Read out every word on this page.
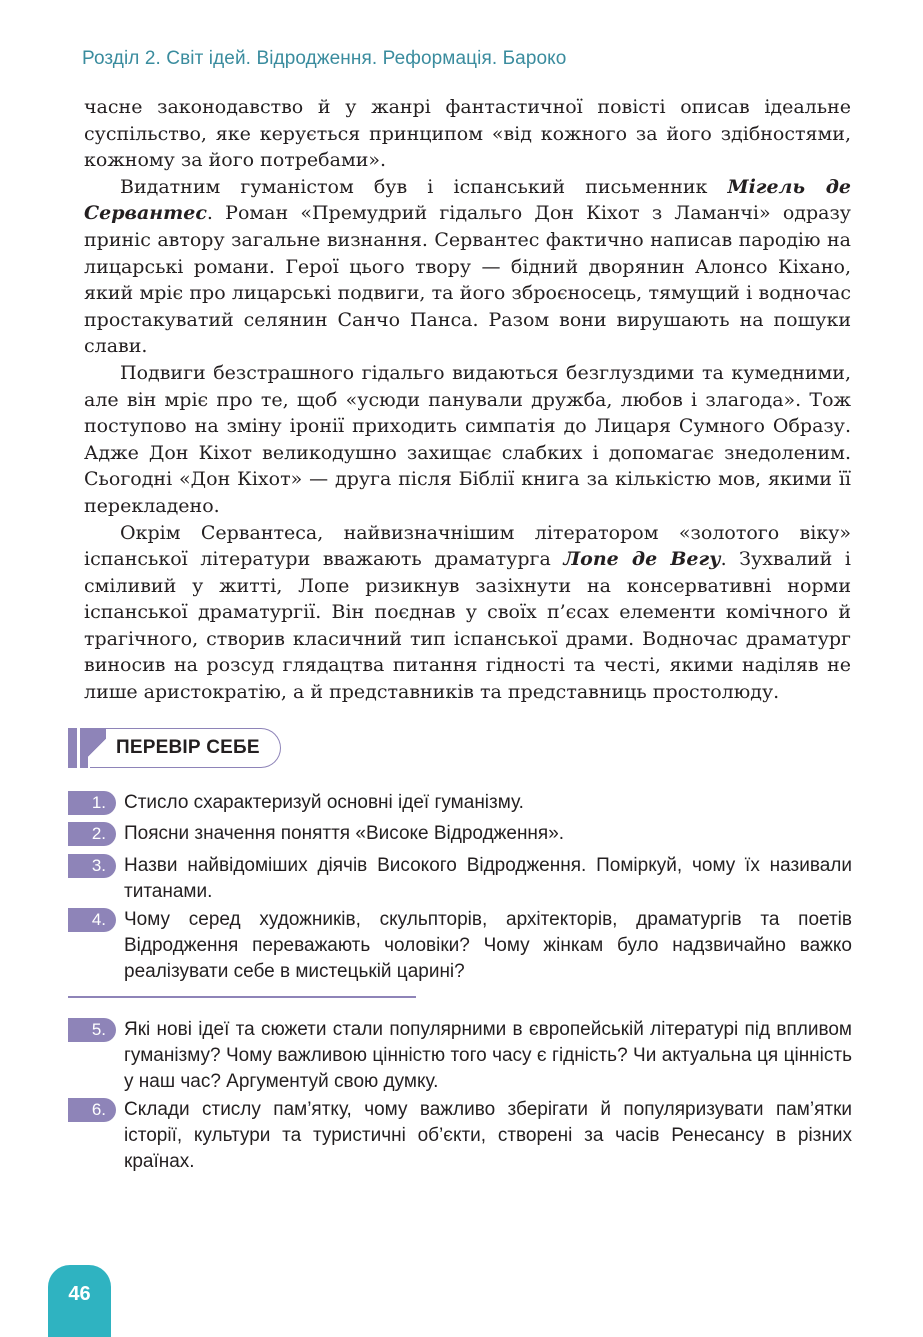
Розділ 2. Світ ідей. Відродження. Реформація. Бароко

часне законодавство й у жанрі фантастичної повісті описав ідеальне суспільство, яке керується принципом «від кожного за його здібностями, кожному за його потребами».

Видатним гуманістом був і іспанський письменник Мігель де Сервантес. Роман «Премудрий гідальго Дон Кіхот з Ламанчі» одразу приніс автору загальне визнання. Сервантес фактично написав пародію на лицарські романи. Герої цього твору — бідний дворянин Алонсо Кіхано, який мріє про лицарські подвиги, та його зброєносець, тямущий і водночас простакуватий селянин Санчо Панса. Разом вони вирушають на пошуки слави.

Подвиги безстрашного гідальго видаються безглуздими та кумедними, але він мріє про те, щоб «усюди панували дружба, любов і злагода». Тож поступово на зміну іронії приходить симпатія до Лицаря Сумного Образу. Адже Дон Кіхот великодушно захищає слабких і допомагає знедоленим. Сьогодні «Дон Кіхот» — друга після Біблії книга за кількістю мов, якими її перекладено.

Окрім Сервантеса, найвизначнішим літератором «золотого віку» іспанської літератури вважають драматурга Лопе де Вегу. Зухвалий і сміливий у житті, Лопе ризикнув зазіхнути на консервативні норми іспанської драматургії. Він поєднав у своїх п’єсах елементи комічного й трагічного, створив класичний тип іспанської драми. Водночас драматург виносив на розсуд глядацтва питання гідності та честі, якими наділяв не лише аристократію, а й представників та представниць простолюду.

ПЕРЕВІР СЕБЕ
1. Стисло схарактеризуй основні ідеї гуманізму.
2. Поясни значення поняття «Високе Відродження».
3. Назви найвідоміших діячів Високого Відродження. Поміркуй, чому їх називали титанами.
4. Чому серед художників, скульпторів, архітекторів, драматургів та поетів Відродження переважають чоловіки? Чому жінкам було надзвичайно важко реалізувати себе в мистецькій царині?
5. Які нові ідеї та сюжети стали популярними в європейській літературі під впливом гуманізму? Чому важливою цінністю того часу є гідність? Чи актуальна ця цінність у наш час? Аргументуй свою думку.
6. Склади стислу пам’ятку, чому важливо зберігати й популяризувати пам’ятки історії, культури та туристичні об’єкти, створені за часів Ренесансу в різних країнах.
46
